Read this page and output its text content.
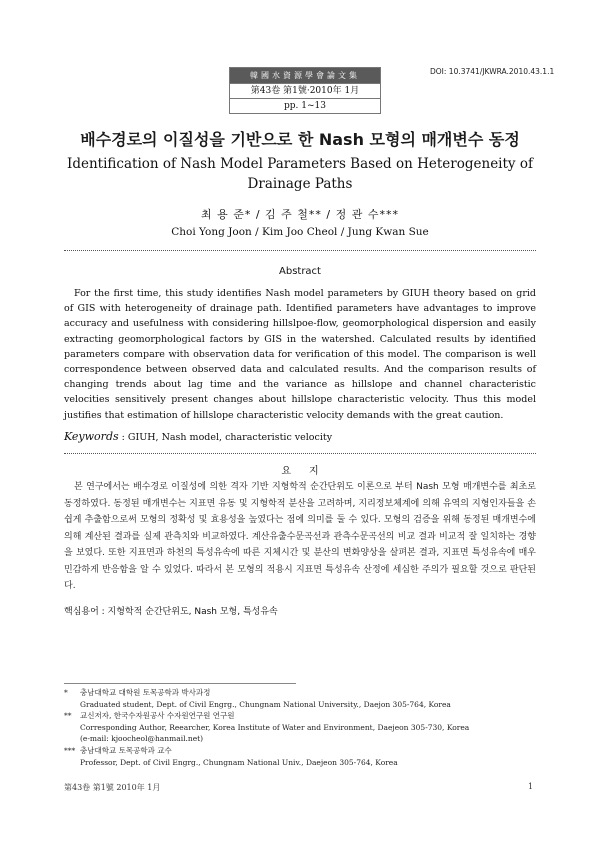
韓國水資源學會論文集
第43卷 第1號·2010年 1月
pp. 1~13
DOI: 10.3741/JKWRA.2010.43.1.1
배수경로의 이질성을 기반으로 한 Nash 모형의 매개변수 동정
Identification of Nash Model Parameters Based on Heterogeneity of
Drainage Paths
최 용 준* / 김 주 철** / 정 관 수***
Choi Yong Joon / Kim Joo Cheol / Jung Kwan Sue
Abstract
For the first time, this study identifies Nash model parameters by GIUH theory based on grid of GIS with heterogeneity of drainage path. Identified parameters have advantages to improve accuracy and usefulness with considering hillslpoe-flow, geomorphological dispersion and easily extracting geomorphological factors by GIS in the watershed. Calculated results by identified parameters compare with observation data for verification of this model. The comparison is well correspondence between observed data and calculated results. And the comparison results of changing trends about lag time and the variance as hillslope and channel characteristic velocities sensitively present changes about hillslope characteristic velocity. Thus this model justifies that estimation of hillslope characteristic velocity demands with the great caution.
Keywords : GIUH, Nash model, characteristic velocity
요지
본 연구에서는 배수경로 이질성에 의한 격자 기반 지형학적 순간단위도 이론으로 부터 Nash 모형 매개변수를 최초로 동정하였다. 동정된 매개변수는 지표면 유동 및 지형학적 분산을 고려하며, 지리정보체계에 의해 유역의 지형인자들을 손쉽게 추출함으로써 모형의 정확성 및 효용성을 높였다는 점에 의미를 둘 수 있다. 모형의 검증을 위해 동정된 매개변수에 의해 계산된 결과를 실제 관측치와 비교하였다. 계산유출수문곡선과 관측수문곡선의 비교 결과 비교적 잘 일치하는 경향을 보였다. 또한 지표면과 하천의 특성유속에 따른 지체시간 및 분산의 변화양상을 살펴본 결과, 지표면 특성유속에 매우 민감하게 반응함을 알 수 있었다. 따라서 본 모형의 적용시 지표면 특성유속 산정에 세심한 주의가 필요할 것으로 판단된다.
핵심용어 : 지형학적 순간단위도, Nash 모형, 특성유속
*	충남대학교 대학원 토목공학과 박사과정
Graduated student, Dept. of Civil Engrg., Chungnam National University., Daejon 305-764, Korea
**	교신저자, 한국수자원공사 수자원연구원 연구원
Corresponding Author, Reearcher, Korea Institute of Water and Environment, Daejeon 305-730, Korea
(e-mail: kjoocheol@hanmail.net)
*** 충남대학교 토목공학과 교수
Professor, Dept. of Civil Engrg., Chungnam National Univ., Daejeon 305-764, Korea
第43卷 第1號 2010年 1月	1
